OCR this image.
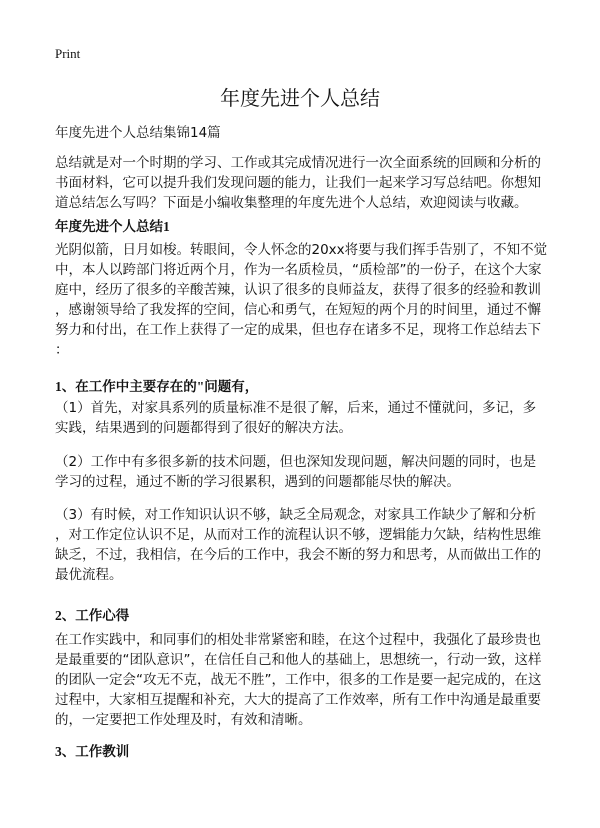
Print
年度先进个人总结
年度先进个人总结集锦14篇
总结就是对一个时期的学习、工作或其完成情况进行一次全面系统的回顾和分析的
书面材料，它可以提升我们发现问题的能力，让我们一起来学习写总结吧。你想知
道总结怎么写吗？下面是小编收集整理的年度先进个人总结，欢迎阅读与收藏。
年度先进个人总结1
光阴似箭，日月如梭。转眼间，令人怀念的20xx将要与我们挥手告别了，不知不觉
中，本人以跨部门将近两个月，作为一名质检员，“质检部”的一份子，在这个大家
庭中，经历了很多的辛酸苦辣，认识了很多的良师益友，获得了很多的经验和教训
，感谢领导给了我发挥的空间，信心和勇气，在短短的两个月的时间里，通过不懈
努力和付出，在工作上获得了一定的成果，但也存在诸多不足，现将工作总结去下
：
1、在工作中主要存在的"问题有，
（1）首先，对家具系列的质量标准不是很了解，后来，通过不懂就问，多记，多
实践，结果遇到的问题都得到了很好的解决方法。
（2）工作中有多很多新的技术问题，但也深知发现问题，解决问题的同时，也是
学习的过程，通过不断的学习很累积，遇到的问题都能尽快的解决。
（3）有时候，对工作知识认识不够，缺乏全局观念，对家具工作缺少了解和分析
，对工作定位认识不足，从而对工作的流程认识不够，逻辑能力欠缺，结构性思维
缺乏，不过，我相信，在今后的工作中，我会不断的努力和思考，从而做出工作的
最优流程。
2、工作心得
在工作实践中，和同事们的相处非常紧密和睦，在这个过程中，我强化了最珍贵也
是最重要的“团队意识”，在信任自己和他人的基础上，思想统一，行动一致，这样
的团队一定会“攻无不克，战无不胜”，工作中，很多的工作是要一起完成的，在这
过程中，大家相互提醒和补充，大大的提高了工作效率，所有工作中沟通是最重要
的，一定要把工作处理及时，有效和清晰。
3、工作教训
